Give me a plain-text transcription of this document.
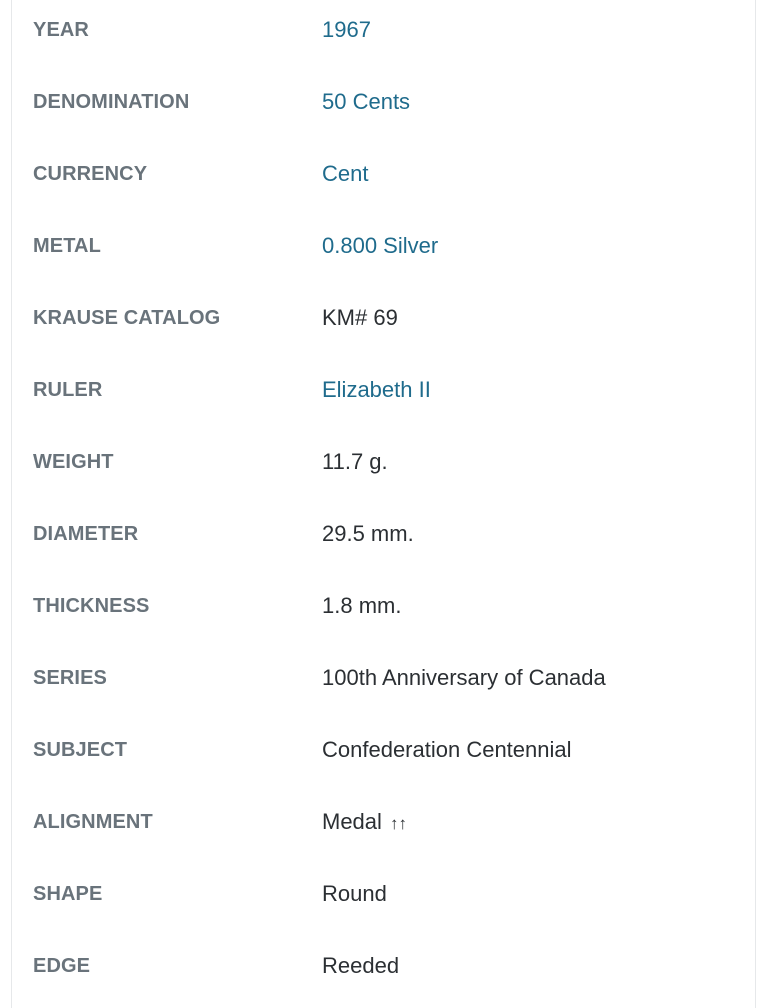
YEAR	1967
DENOMINATION	50 Cents
CURRENCY	Cent
METAL	0.800 Silver
KRAUSE CATALOG	KM# 69
RULER	Elizabeth II
WEIGHT	11.7 g.
DIAMETER	29.5 mm.
THICKNESS	1.8 mm.
SERIES	100th Anniversary of Canada
SUBJECT	Confederation Centennial
ALIGNMENT	Medal ↑↑
SHAPE	Round
EDGE	Reeded
